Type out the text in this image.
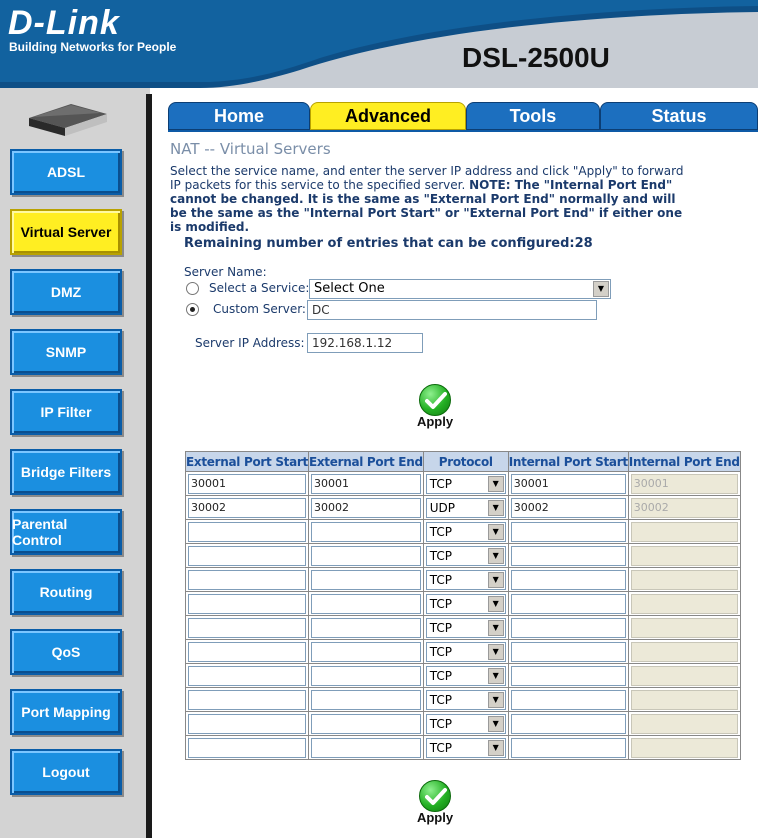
D-Link
Building Networks for People	DSL-2500U
ADSL
Virtual Server
DMZ
SNMP
IP Filter
Bridge Filters
Parental Control
Routing
QoS
Port Mapping
Logout
Home	Advanced	Tools	Status
NAT -- Virtual Servers
Select the service name, and enter the server IP address and click "Apply" to forward IP packets for this service to the specified server. NOTE: The "Internal Port End" cannot be changed. It is the same as "External Port End" normally and will be the same as the "Internal Port Start" or "External Port End" if either one is modified.
Remaining number of entries that can be configured:28
Server Name:
Select a Service: Select One	▼
Custom Server: DC
Server IP Address: 192.168.1.12
Apply
External Port Start	External Port End	Protocol	Internal Port Start	Internal Port End

30001	30001	TCP ▼	30001	30001

30002	30002	UDP ▼	30002	30002

		TCP ▼		

		TCP ▼		

		TCP ▼		

		TCP ▼		

		TCP ▼		

		TCP ▼		

		TCP ▼		

		TCP ▼		

		TCP ▼		

		TCP ▼		

Apply
